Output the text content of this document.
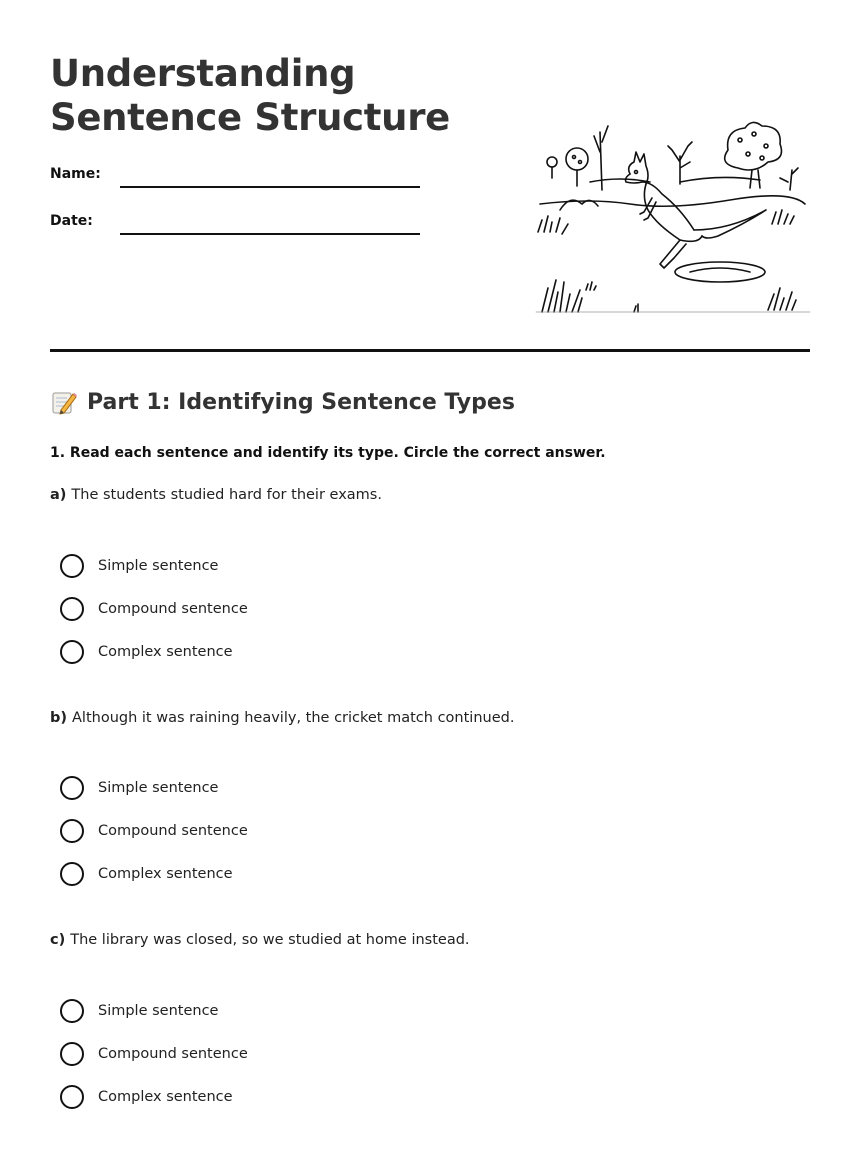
Understanding
Sentence Structure
Name:
Date:
Part 1: Identifying Sentence Types
1. Read each sentence and identify its type. Circle the correct answer.
a) The students studied hard for their exams.
Simple sentence
Compound sentence
Complex sentence
b) Although it was raining heavily, the cricket match continued.
Simple sentence
Compound sentence
Complex sentence
c) The library was closed, so we studied at home instead.
Simple sentence
Compound sentence
Complex sentence
